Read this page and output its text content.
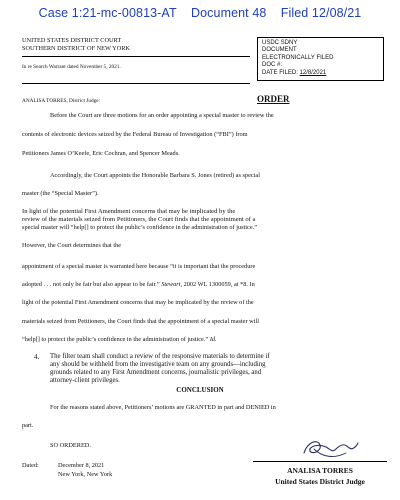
Case 1:21-mc-00813-AT Document 48 Filed 12/08/21
UNITED STATES DISTRICT COURT
SOUTHERN DISTRICT OF NEW YORK
In re Search Warrant dated November 5, 2021.
ANALISA TORRES, District Judge:
USDC SDNY
DOCUMENT
ELECTRONICALLY FILED
DOC #:
DATE FILED: 12/8/2021
ORDER
Before the Court are three motions for an order appointing a special master to review the
contents of electronic devices seized by the Federal Bureau of Investigation (“FBI”) from
Petitioners James O’Keefe, Eric Cochran, and Spencer Meads.
Accordingly, the Court appoints the Honorable Barbara S. Jones (retired) as special
master (the “Special Master”).
In light of the potential First Amendment concerns that may be implicated by the
review of the materials seized from Petitioners, the Court finds that the appointment of a
special master will “help[] to protect the public’s confidence in the administration of justice.”
However, the Court determines that the
appointment of a special master is warranted here because “it is important that the procedure
adopted . . . not only be fair but also appear to be fair.” Stewart, 2002 WL 1300059, at *8. In
light of the potential First Amendment concerns that may be implicated by the review of the
materials seized from Petitioners, the Court finds that the appointment of a special master will
“help[] to protect the public’s confidence in the administration of justice.” Id.
4. The filter team shall conduct a review of the responsive materials to determine if
any should be withheld from the investigative team on any grounds—including
grounds related to any First Amendment concerns, journalistic privileges, and
attorney-client privileges.
CONCLUSION
For the reasons stated above, Petitioners’ motions are GRANTED in part and DENIED in
part.
SO ORDERED.
Dated:	December 8, 2021
New York, New York	ANALISA TORRES
United States District Judge
